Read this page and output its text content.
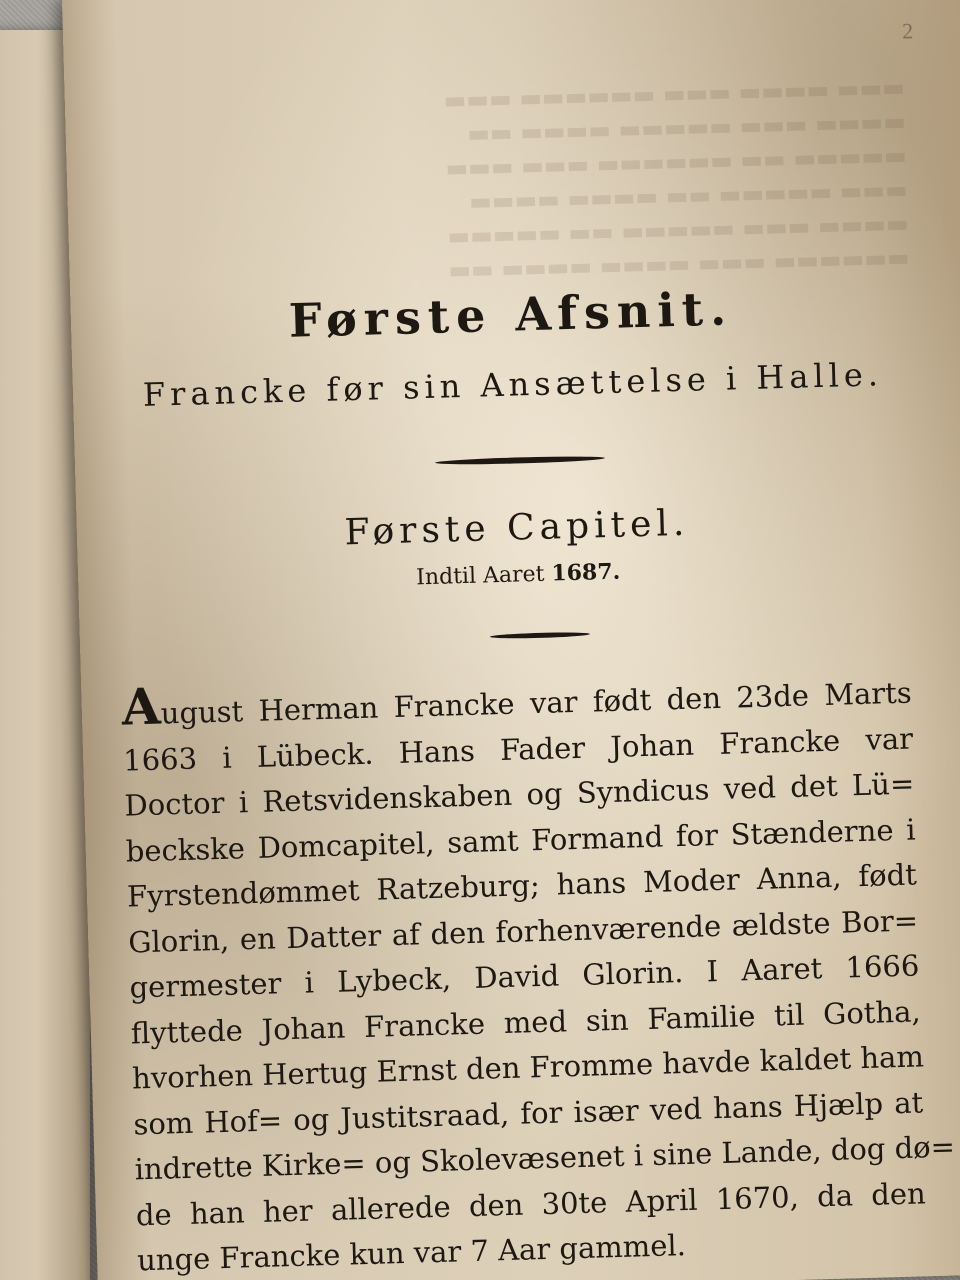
▬▬▬ ▬▬▬▬ ▬▬▬ ▬▬▬▬▬▬ ▬▬▬
▬▬▬▬ ▬▬▬ ▬▬▬▬▬ ▬▬▬▬ ▬▬
▬▬▬▬▬ ▬▬ ▬▬▬▬▬▬ ▬▬▬ ▬▬▬
▬▬▬ ▬▬▬▬▬ ▬▬ ▬▬▬▬ ▬▬▬▬
▬▬▬▬ ▬▬▬ ▬▬▬▬▬ ▬▬ ▬▬▬▬▬
▬▬▬▬▬▬ ▬▬▬ ▬▬▬▬ ▬▬▬▬ ▬▬

2
Første Afsnit.
Francke før sin Ansættelse i Halle.
Første Capitel.
Indtil Aaret 1687.
August Herman Francke var født den 23de Marts
1663 i Lübeck. Hans Fader Johan Francke var
Doctor i Retsvidenskaben og Syndicus ved det Lü=
beckske Domcapitel, samt Formand for Stænderne i
Fyrstendømmet Ratzeburg; hans Moder Anna, født
Glorin, en Datter af den forhenværende ældste Bor=
germester i Lybeck, David Glorin. I Aaret 1666
flyttede Johan Francke med sin Familie til Gotha,
hvorhen Hertug Ernst den Fromme havde kaldet ham
som Hof= og Justitsraad, for især ved hans Hjælp at
indrette Kirke= og Skolevæsenet i sine Lande, dog dø=
de han her allerede den 30te April 1670, da den
unge Francke kun var 7 Aar gammel.
